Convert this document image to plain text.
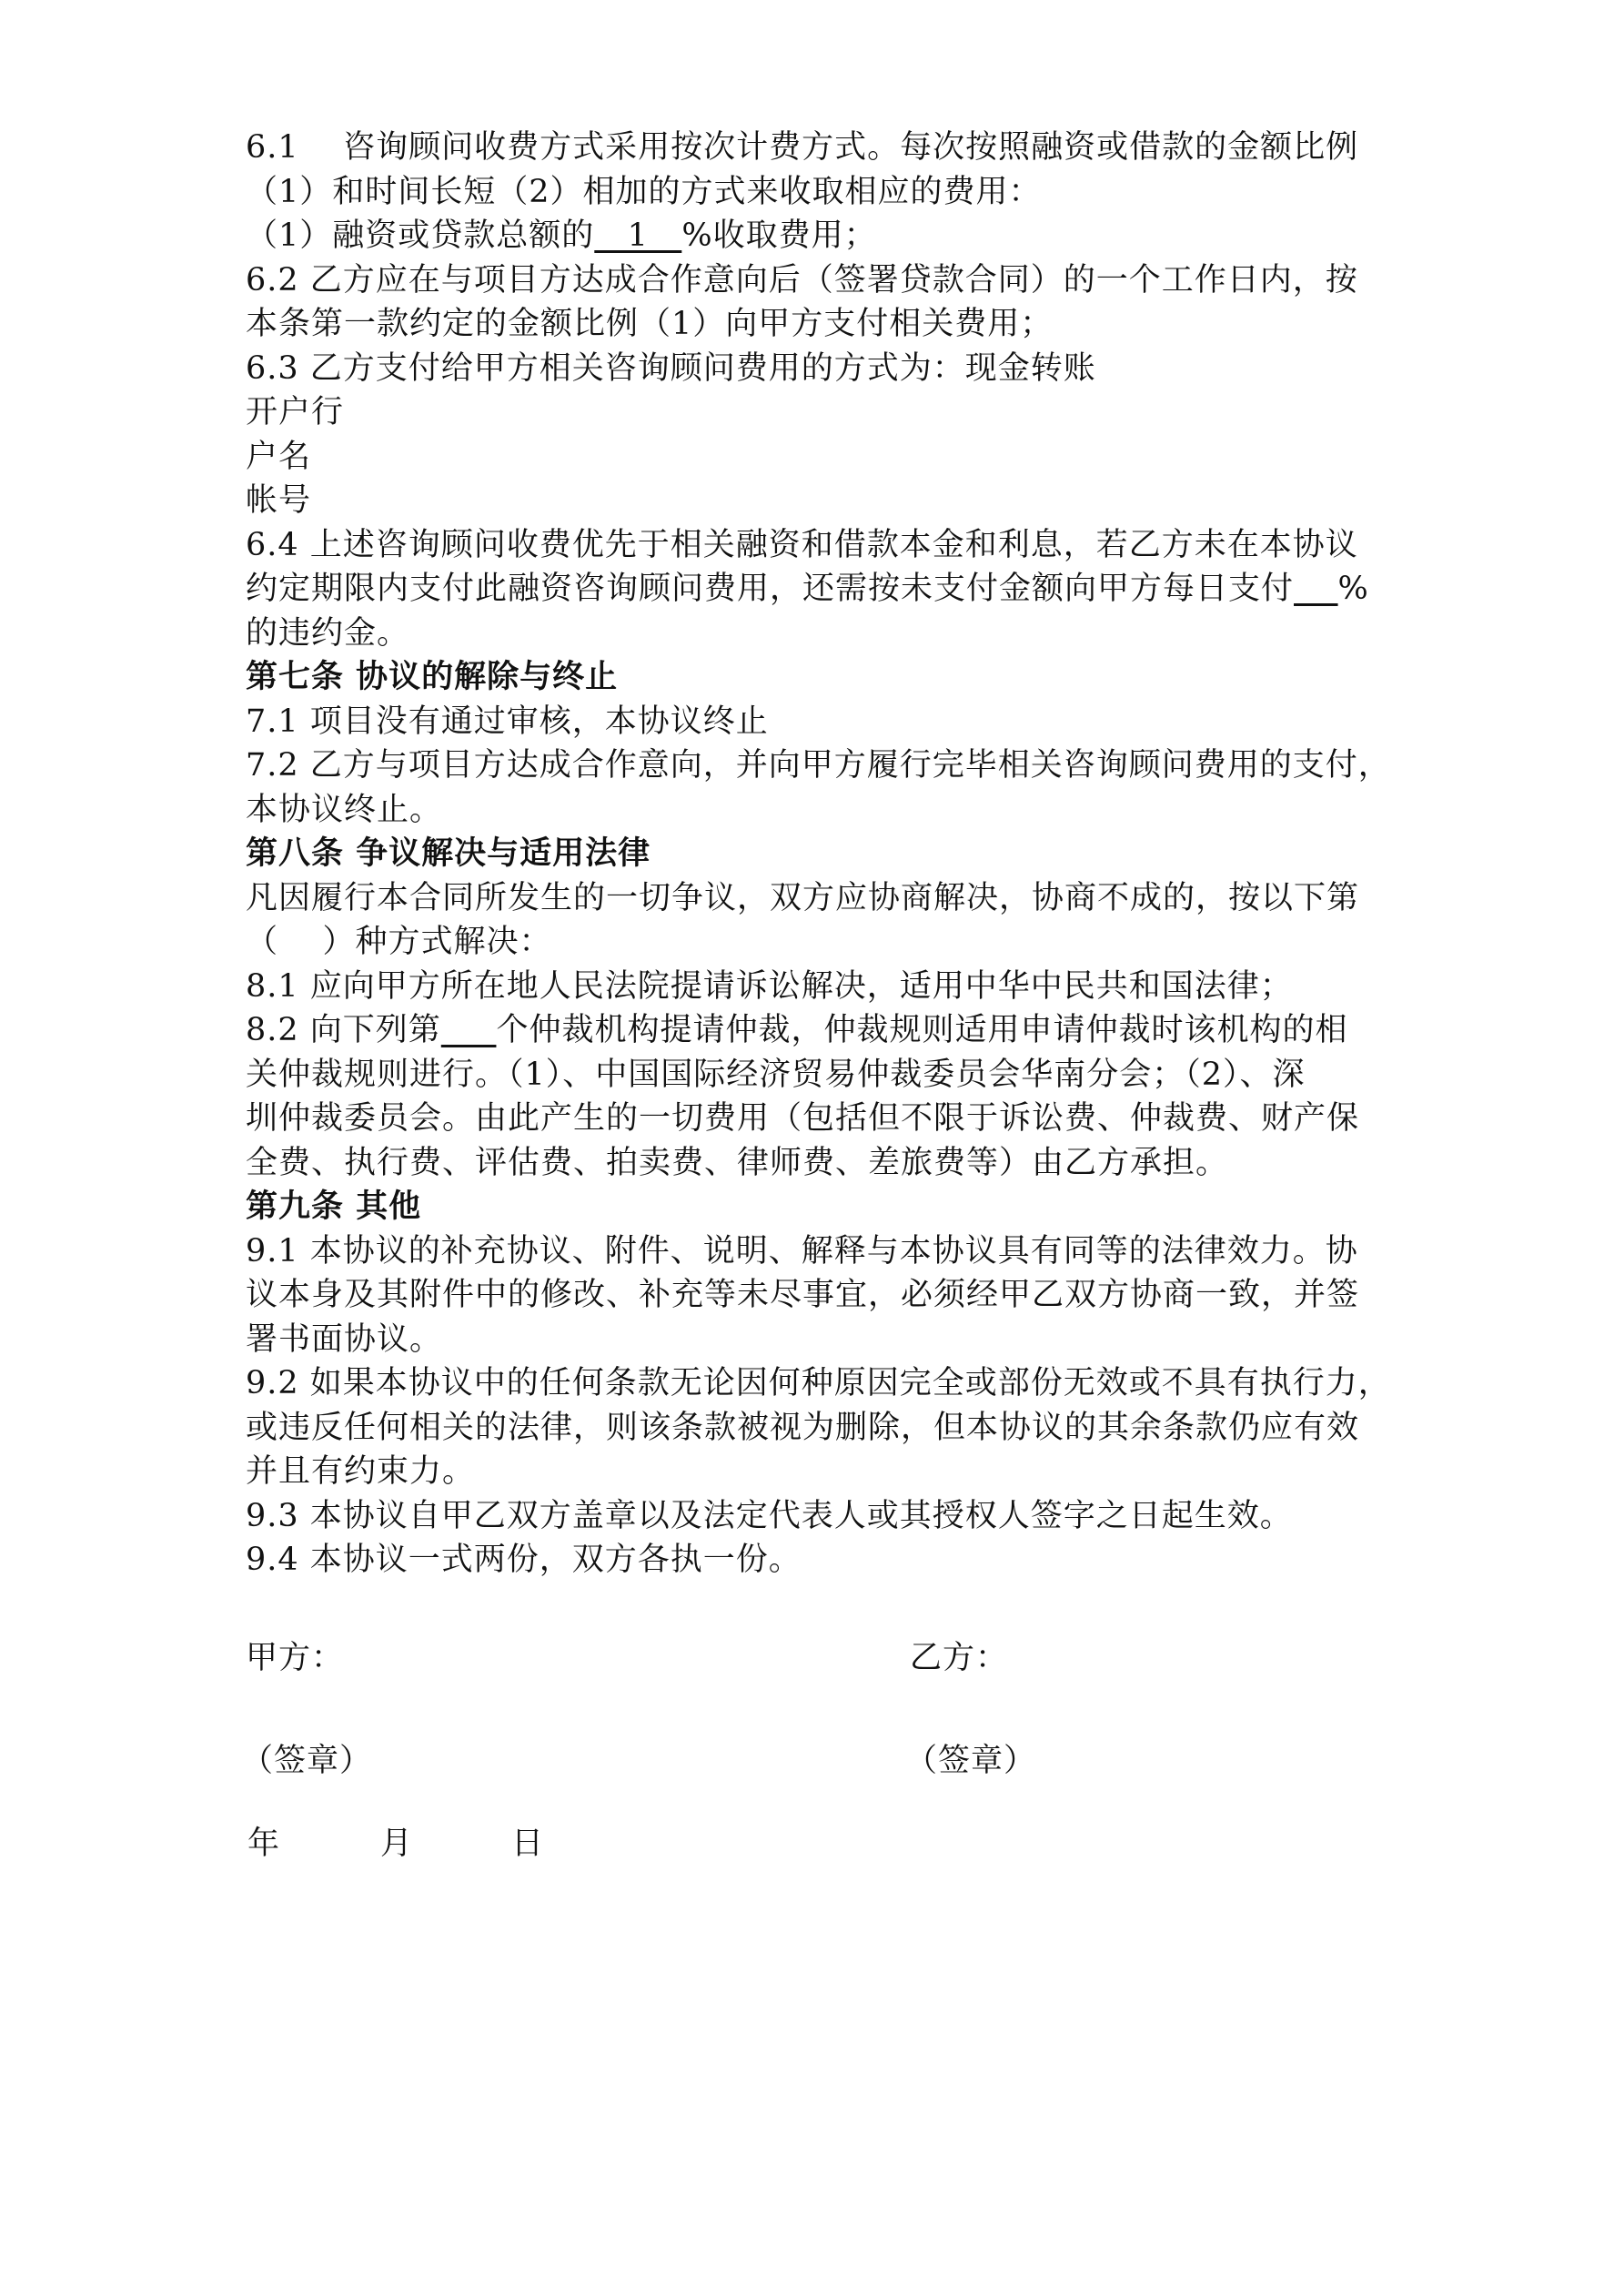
6.1    咨询顾问收费方式采用按次计费方式。每次按照融资或借款的金额比例

（1）和时间长短（2）相加的方式来收取相应的费用：

（1）融资或贷款总额的   1   %收取费用；

6.2 乙方应在与项目方达成合作意向后（签署贷款合同）的一个工作日内，按

本条第一款约定的金额比例（1）向甲方支付相关费用；

6.3 乙方支付给甲方相关咨询顾问费用的方式为：现金转账

开户行

户名

帐号

6.4 上述咨询顾问收费优先于相关融资和借款本金和利息，若乙方未在本协议

约定期限内支付此融资咨询顾问费用，还需按未支付金额向甲方每日支付 %

的违约金。

第七条 协议的解除与终止

7.1 项目没有通过审核，本协议终止

7.2 乙方与项目方达成合作意向，并向甲方履行完毕相关咨询顾问费用的支付，

本协议终止。

第八条 争议解决与适用法律

凡因履行本合同所发生的一切争议，双方应协商解决，协商不成的，按以下第

（    ）种方式解决：

8.1 应向甲方所在地人民法院提请诉讼解决，适用中华中民共和国法律；

8.2 向下列第 个仲裁机构提请仲裁，仲裁规则适用申请仲裁时该机构的相

关仲裁规则进行。（1）、中国国际经济贸易仲裁委员会华南分会；（2）、深

圳仲裁委员会。由此产生的一切费用（包括但不限于诉讼费、仲裁费、财产保

全费、执行费、评估费、拍卖费、律师费、差旅费等）由乙方承担。

第九条 其他

9.1 本协议的补充协议、附件、说明、解释与本协议具有同等的法律效力。协

议本身及其附件中的修改、补充等未尽事宜，必须经甲乙双方协商一致，并签

署书面协议。

9.2 如果本协议中的任何条款无论因何种原因完全或部份无效或不具有执行力，

或违反任何相关的法律，则该条款被视为删除，但本协议的其余条款仍应有效

并且有约束力。

9.3 本协议自甲乙双方盖章以及法定代表人或其授权人签字之日起生效。

9.4 本协议一式两份，双方各执一份。

甲方：	乙方：
（签章）	（签章）
年	月	日
